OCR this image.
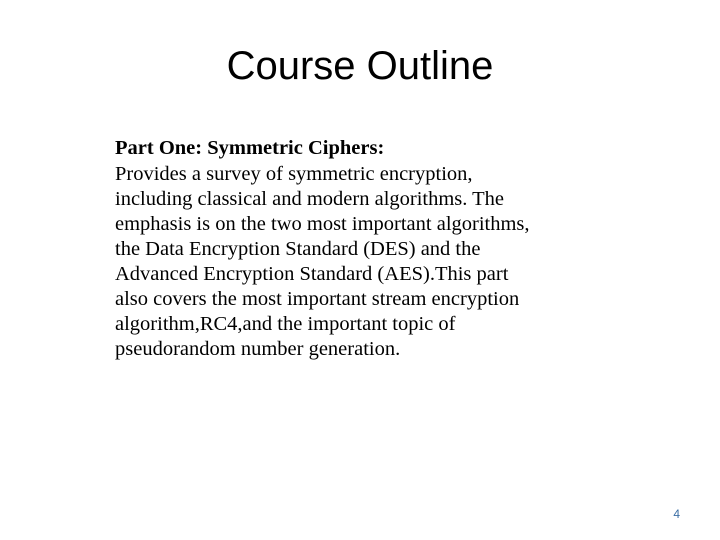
Course Outline
Part One: Symmetric Ciphers:
Provides a survey of symmetric encryption,
including classical and modern algorithms. The
emphasis is on the two most important algorithms,
the Data Encryption Standard (DES) and the
Advanced Encryption Standard (AES).This part
also covers the most important stream encryption
algorithm,RC4,and the important topic of
pseudorandom number generation.
4
